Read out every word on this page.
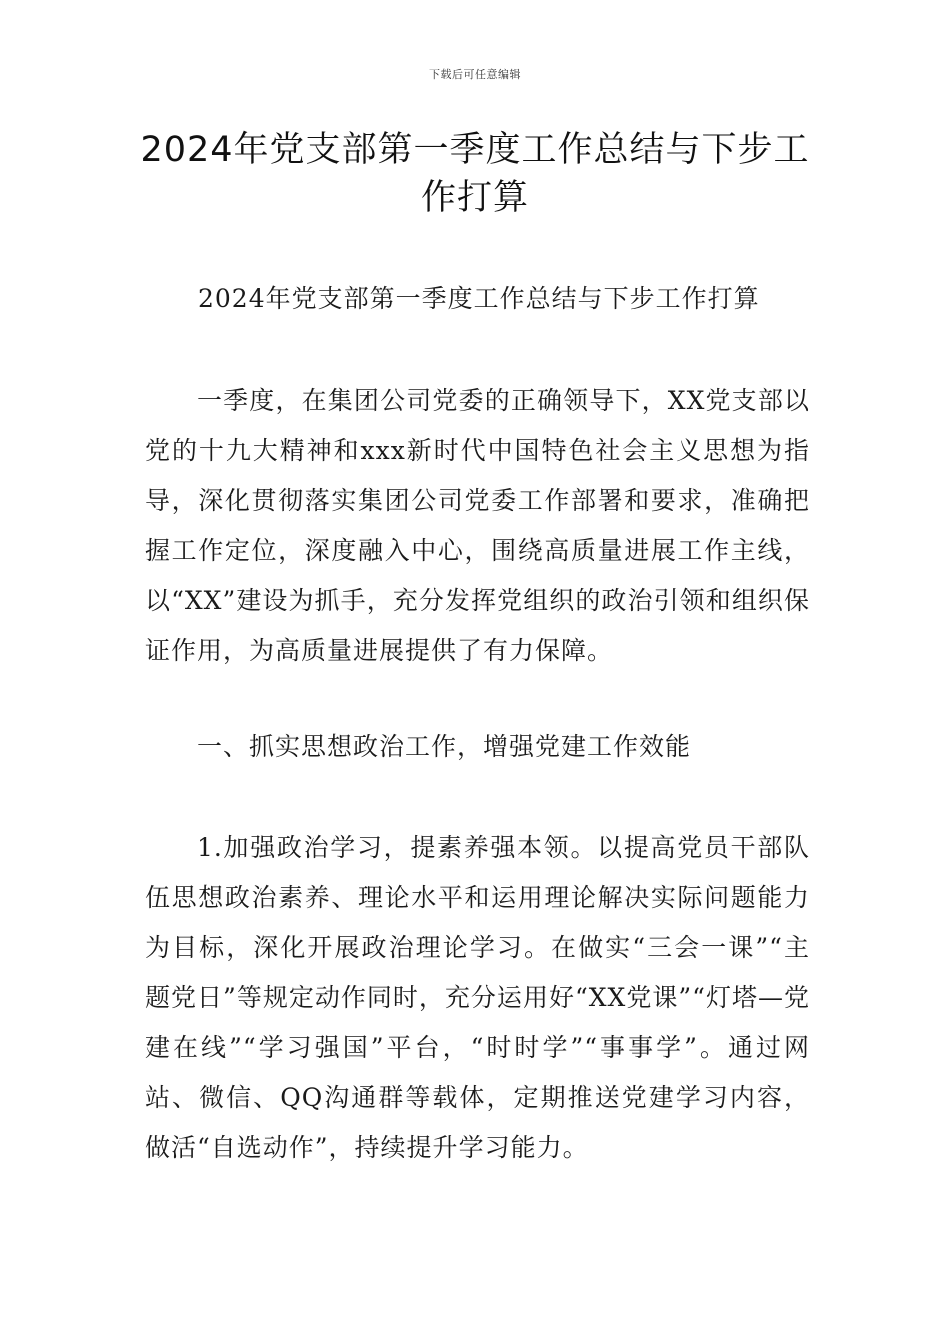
下载后可任意编辑
2024年党支部第一季度工作总结与下步工作打算
2024年党支部第一季度工作总结与下步工作打算

一季度，在集团公司党委的正确领导下，XX党支部以党的十九大精神和xxx新时代中国特色社会主义思想为指导，深化贯彻落实集团公司党委工作部署和要求，准确把握工作定位，深度融入中心，围绕高质量进展工作主线，以“XX”建设为抓手，充分发挥党组织的政治引领和组织保证作用，为高质量进展提供了有力保障。

一、抓实思想政治工作，增强党建工作效能

1.加强政治学习，提素养强本领。以提高党员干部队伍思想政治素养、理论水平和运用理论解决实际问题能力为目标，深化开展政治理论学习。在做实“三会一课”“主题党日”等规定动作同时，充分运用好“XX党课”“灯塔—党建在线”“学习强国”平台，“时时学”“事事学”。通过网站、微信、QQ沟通群等载体，定期推送党建学习内容，做活“自选动作”，持续提升学习能力。
